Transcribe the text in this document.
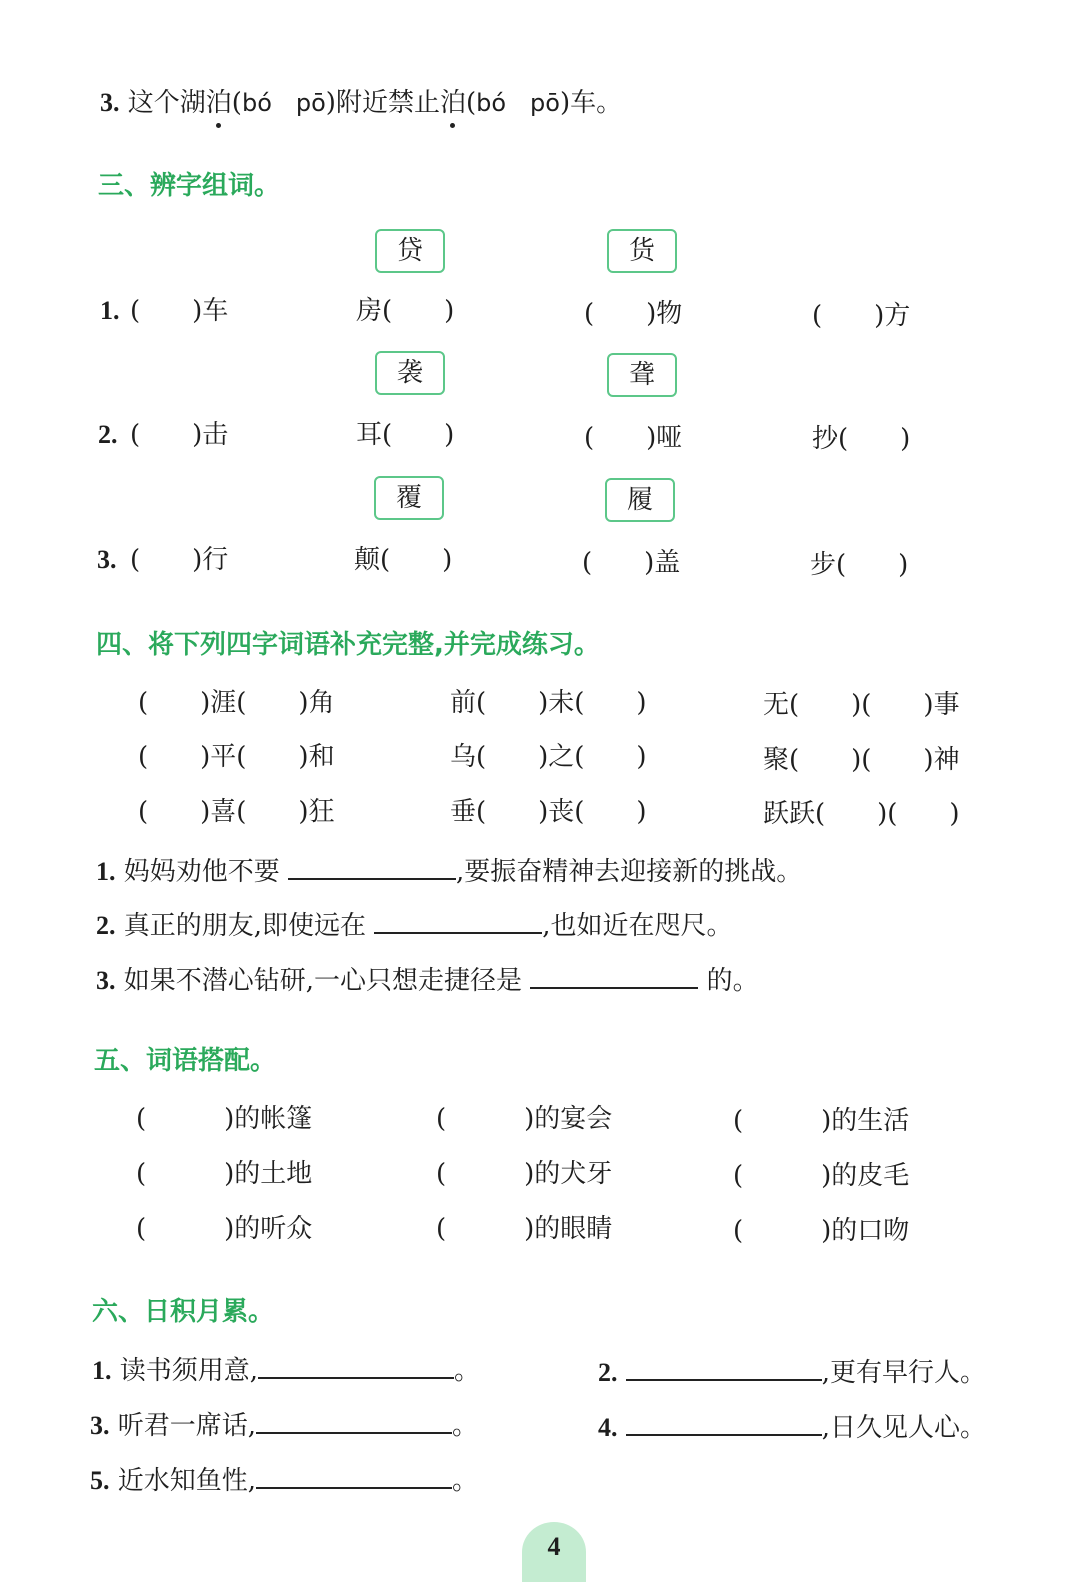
3. 这个湖泊(bó　pō)附近禁止泊(bó　pō)车。
三、辨字组词。
贷	货
1. (　　)车	房(　　)	(　　)物	(　　)方
袭	聋
2. (　　)击	耳(　　)	(　　)哑	抄(　　)
覆	履
3. (　　)行	颠(　　)	(　　)盖	步(　　)
四、将下列四字词语补充完整,并完成练习。
(　　)涯(　　)角	前(　　)未(　　)	无(　　)(　　)事
(　　)平(　　)和	乌(　　)之(　　)	聚(　　)(　　)神
(　　)喜(　　)狂	垂(　　)丧(　　)	跃跃(　　)(　　)
1. 妈妈劝他不要	,要振奋精神去迎接新的挑战。
2. 真正的朋友,即使远在	,也如近在咫尺。
3. 如果不潜心钻研,一心只想走捷径是	的。
五、词语搭配。
(　　　)的帐篷	(　　　)的宴会	(　　　)的生活
(　　　)的土地	(　　　)的犬牙	(　　　)的皮毛
(　　　)的听众	(　　　)的眼睛	(　　　)的口吻
六、日积月累。
1. 读书须用意,	。	2.	,更有早行人。
3. 听君一席话,	。	4.	,日久见人心。
5. 近水知鱼性,	。
4
